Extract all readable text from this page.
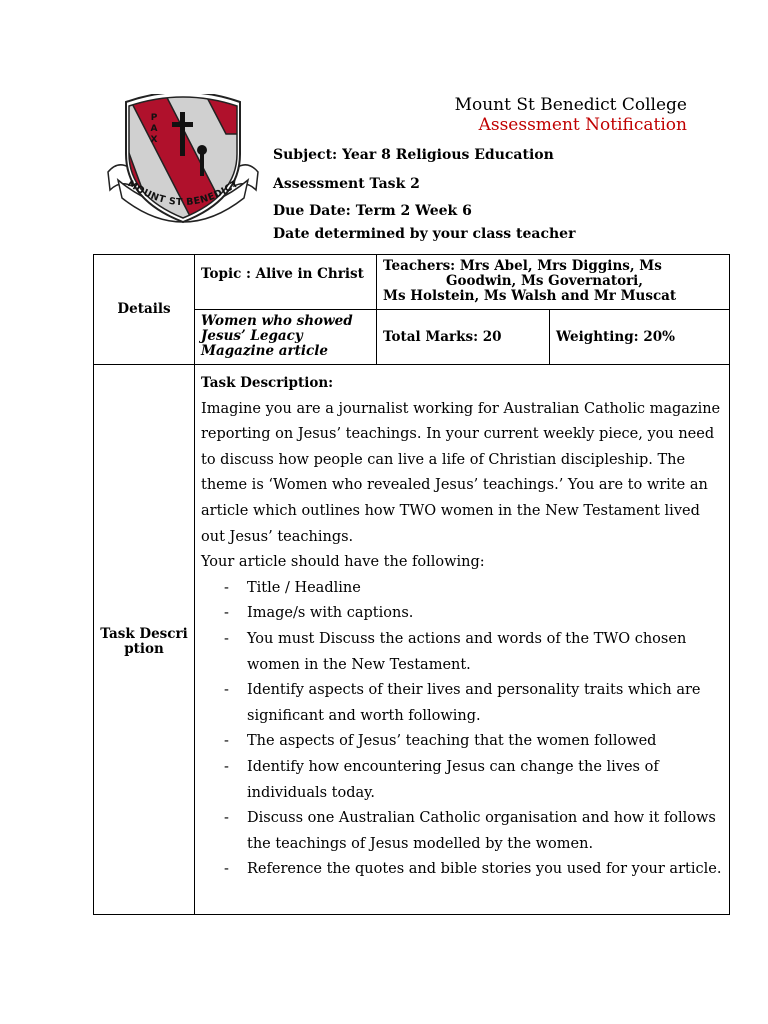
P
A
X
MOUNT ST BENEDICT
Mount St Benedict College
Assessment Notification
Subject: Year 8 Religious Education
Assessment Task 2
Due Date: Term 2 Week 6
Date determined by your class teacher
Details	Topic : Alive in Christ	Teachers: Mrs Abel, Mrs Diggins, Ms
Goodwin, Ms Governatori,
Ms Holstein, Ms Walsh and Mr Muscat	

	Women who showed Jesus’ Legacy Magazine article	Total Marks: 20	Weighting: 20%
Task Description	
Task Description:
Imagine you are a journalist working for Australian Catholic magazine reporting on Jesus’ teachings. In your current weekly piece, you need to discuss how people can live a life of Christian discipleship. The theme is ‘Women who revealed Jesus’ teachings.’ You are to write an article which outlines how TWO women in the New Testament lived out Jesus’ teachings.
Your article should have the following:
- Title / Headline
- Image/s with captions.
- You must Discuss the actions and words of the TWO chosen women in the New Testament.
- Identify aspects of their lives and personality traits which are significant and worth following.
- The aspects of Jesus’ teaching that the women followed
- Identify how encountering Jesus can change the lives of individuals today.
- Discuss one Australian Catholic organisation and how it follows the teachings of Jesus modelled by the women.
- Reference the quotes and bible stories you used for your article.
